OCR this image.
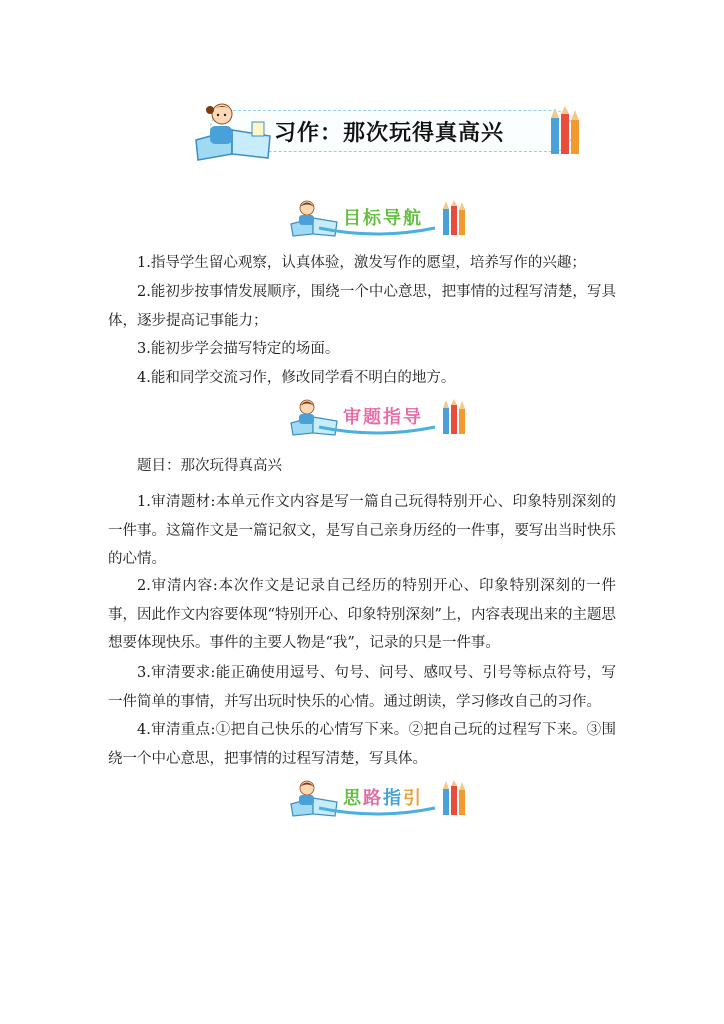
习作：那次玩得真高兴
目标导航

1.指导学生留心观察，认真体验，激发写作的愿望，培养写作的兴趣；

2.能初步按事情发展顺序，围绕一个中心意思，把事情的过程写清楚，写具体，逐步提高记事能力；

3.能初步学会描写特定的场面。

4.能和同学交流习作，修改同学看不明白的地方。

审题指导

题目：那次玩得真高兴

1.审清题材:本单元作文内容是写一篇自己玩得特别开心、印象特别深刻的一件事。这篇作文是一篇记叙文，是写自己亲身历经的一件事，要写出当时快乐的心情。

2.审清内容:本次作文是记录自己经历的特别开心、印象特别深刻的一件事，因此作文内容要体现“特别开心、印象特别深刻”上，内容表现出来的主题思想要体现快乐。事件的主要人物是“我”，记录的只是一件事。

3.审清要求:能正确使用逗号、句号、问号、感叹号、引号等标点符号，写一件简单的事情，并写出玩时快乐的心情。通过朗读，学习修改自己的习作。

4.审清重点:①把自己快乐的心情写下来。②把自己玩的过程写下来。③围绕一个中心意思，把事情的过程写清楚，写具体。

思路指引
